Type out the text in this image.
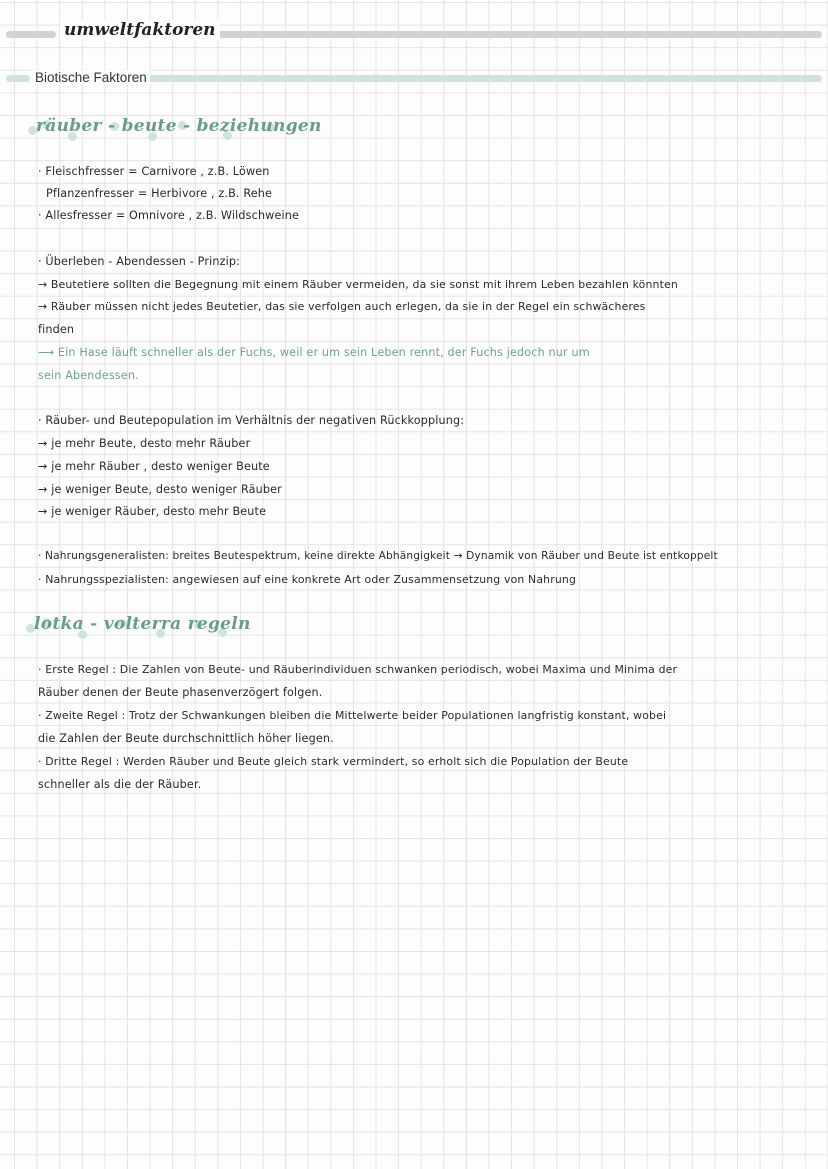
umweltfaktoren
Biotische Faktoren
räuber - beute - beziehungen
· Fleischfresser = Carnivore , z.B. Löwen
Pflanzenfresser = Herbivore , z.B. Rehe
· Allesfresser = Omnivore , z.B. Wildschweine
· Überleben - Abendessen - Prinzip:
→ Beutetiere sollten die Begegnung mit einem Räuber vermeiden, da sie sonst mit ihrem Leben bezahlen könnten
→ Räuber müssen nicht jedes Beutetier, das sie verfolgen auch erlegen, da sie in der Regel ein schwächeres
finden
⟶ Ein Hase läuft schneller als der Fuchs, weil er um sein Leben rennt, der Fuchs jedoch nur um
sein Abendessen.
· Räuber- und Beutepopulation im Verhältnis der negativen Rückkopplung:
→ je mehr Beute, desto mehr Räuber
→ je mehr Räuber , desto weniger Beute
→ je weniger Beute, desto weniger Räuber
→ je weniger Räuber, desto mehr Beute
· Nahrungsgeneralisten: breites Beutespektrum, keine direkte Abhängigkeit → Dynamik von Räuber und Beute ist entkoppelt
· Nahrungsspezialisten: angewiesen auf eine konkrete Art oder Zusammensetzung von Nahrung
lotka - volterra regeln
· Erste Regel : Die Zahlen von Beute- und Räuberindividuen schwanken periodisch, wobei Maxima und Minima der
Räuber denen der Beute phasenverzögert folgen.
· Zweite Regel : Trotz der Schwankungen bleiben die Mittelwerte beider Populationen langfristig konstant, wobei
die Zahlen der Beute durchschnittlich höher liegen.
· Dritte Regel : Werden Räuber und Beute gleich stark vermindert, so erholt sich die Population der Beute
schneller als die der Räuber.
